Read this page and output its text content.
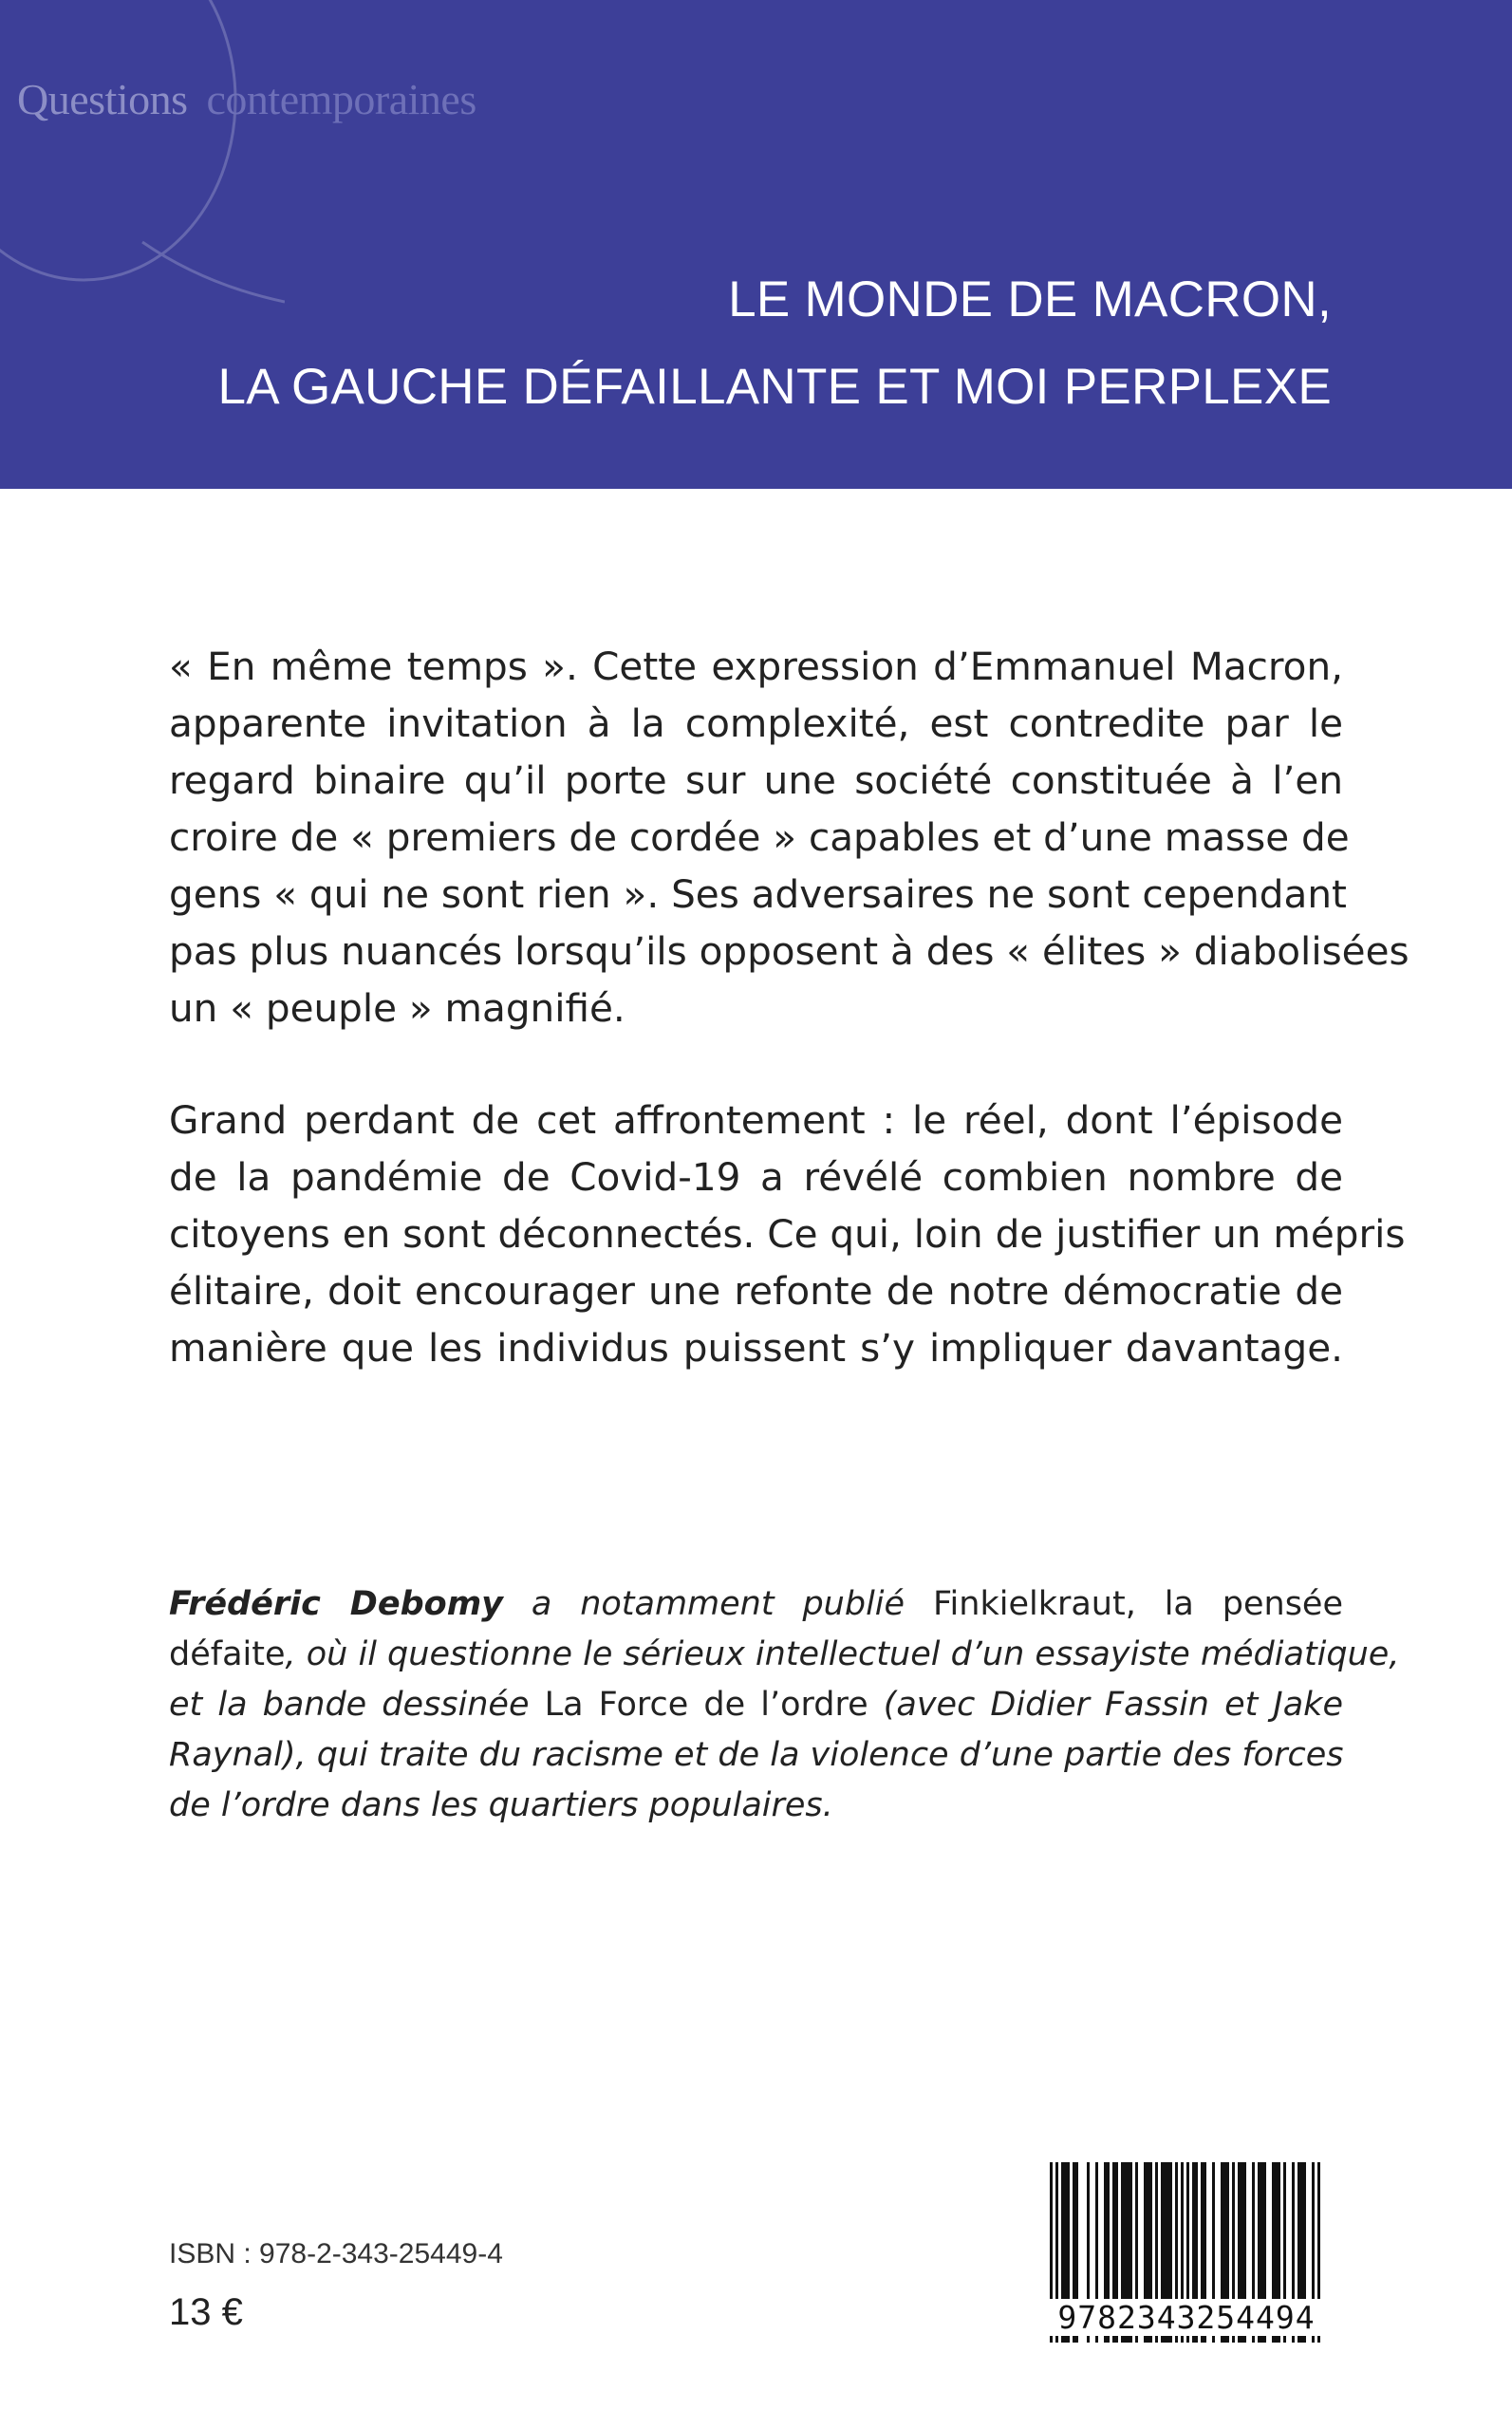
Questions contemporaines
LE MONDE DE MACRON,
LA GAUCHE DÉFAILLANTE ET MOI PERPLEXE

« En même temps ». Cette expression d’Emmanuel Macron,
apparente invitation à la complexité, est contredite par le
regard binaire qu’il porte sur une société constituée à l’en
croire de « premiers de cordée » capables et d’une masse de
gens « qui ne sont rien ». Ses adversaires ne sont cependant
pas plus nuancés lorsqu’ils opposent à des « élites » diabolisées
un « peuple » magnifié.

Grand perdant de cet affrontement : le réel, dont l’épisode
de la pandémie de Covid-19 a révélé combien nombre de
citoyens en sont déconnectés. Ce qui, loin de justifier un mépris
élitaire, doit encourager une refonte de notre démocratie de
manière que les individus puissent s’y impliquer davantage.

Frédéric Debomy a notamment publié Finkielkraut, la pensée
défaite, où il questionne le sérieux intellectuel d’un essayiste médiatique,
et la bande dessinée La Force de l’ordre (avec Didier Fassin et Jake
Raynal), qui traite du racisme et de la violence d’une partie des forces
de l’ordre dans les quartiers populaires.

ISBN : 978-2-343-25449-4
13 €	9782343254494
